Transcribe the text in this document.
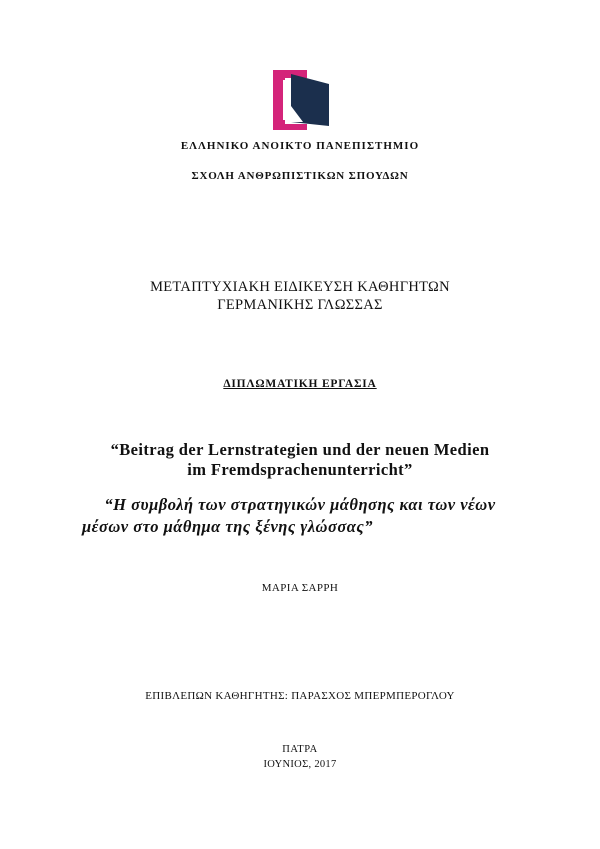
ΕΛΛΗΝΙΚΟ ΑΝΟΙΚΤΟ ΠΑΝΕΠΙΣΤΗΜΙΟ
ΣΧΟΛΗ ΑΝΘΡΩΠΙΣΤΙΚΩΝ ΣΠΟΥΔΩΝ
ΜΕΤΑΠΤΥΧΙΑΚΗ ΕΙΔΙΚΕΥΣΗ ΚΑΘΗΓΗΤΩΝ
ΓΕΡΜΑΝΙΚΗΣ ΓΛΩΣΣΑΣ
ΔΙΠΛΩΜΑΤΙΚΗ ΕΡΓΑΣΙΑ
“Beitrag der Lernstrategien und der neuen Medien
im Fremdsprachenunterricht”
“Η συμβολή των στρατηγικών μάθησης και των νέων
μέσων στο μάθημα της ξένης γλώσσας”
ΜΑΡΙΑ ΣΑΡΡΗ
ΕΠΙΒΛΕΠΩΝ ΚΑΘΗΓΗΤΗΣ: ΠΑΡΑΣΧΟΣ ΜΠΕΡΜΠΕΡΟΓΛΟΥ
ΠΑΤΡΑ
ΙΟΥΝΙΟΣ, 2017
